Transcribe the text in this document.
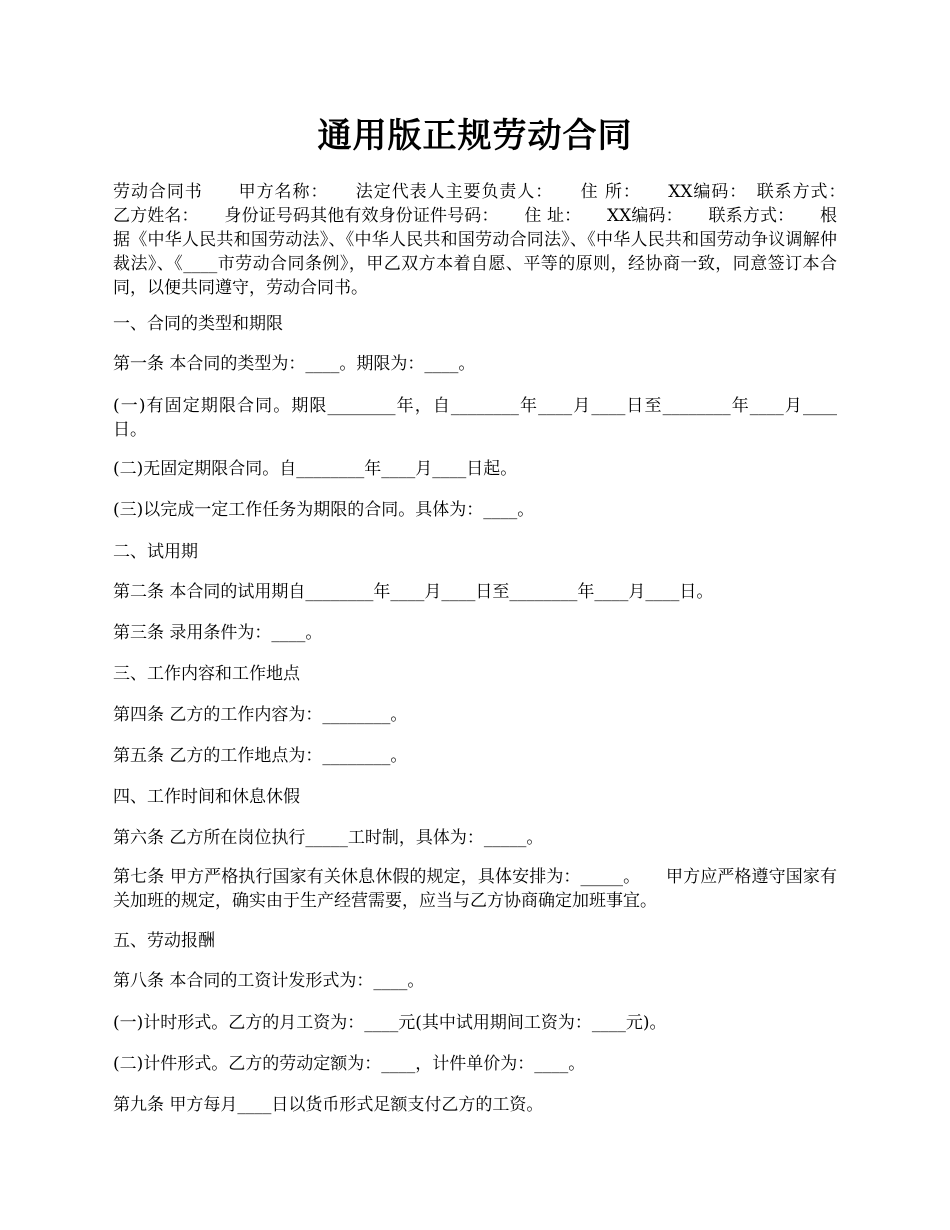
通用版正规劳动合同
劳动合同书　　甲方名称：　　法定代表人主要负责人：　　住 所：　　XX编码：　联系方式：　　乙方姓名：　　身份证号码其他有效身份证件号码：　　住 址：　　XX编码：　　联系方式：　　根据《中华人民共和国劳动法》、《中华人民共和国劳动合同法》、《中华人民共和国劳动争议调解仲裁法》、《____市劳动合同条例》，甲乙双方本着自愿、平等的原则，经协商一致，同意签订本合同，以便共同遵守，劳动合同书。
一、合同的类型和期限
第一条 本合同的类型为：____。期限为：____。
(一)有固定期限合同。期限________年，自________年____月____日至________年____月____日。
(二)无固定期限合同。自________年____月____日起。
(三)以完成一定工作任务为期限的合同。具体为：____。
二、试用期
第二条 本合同的试用期自________年____月____日至________年____月____日。
第三条 录用条件为：____。
三、工作内容和工作地点
第四条 乙方的工作内容为：________。
第五条 乙方的工作地点为：________。
四、工作时间和休息休假
第六条 乙方所在岗位执行_____工时制，具体为：_____。
第七条 甲方严格执行国家有关休息休假的规定，具体安排为：_____。　　甲方应严格遵守国家有关加班的规定，确实由于生产经营需要，应当与乙方协商确定加班事宜。
五、劳动报酬
第八条 本合同的工资计发形式为：____。
(一)计时形式。乙方的月工资为：____元(其中试用期间工资为：____元)。
(二)计件形式。乙方的劳动定额为：____，计件单价为：____。
第九条 甲方每月____日以货币形式足额支付乙方的工资。
